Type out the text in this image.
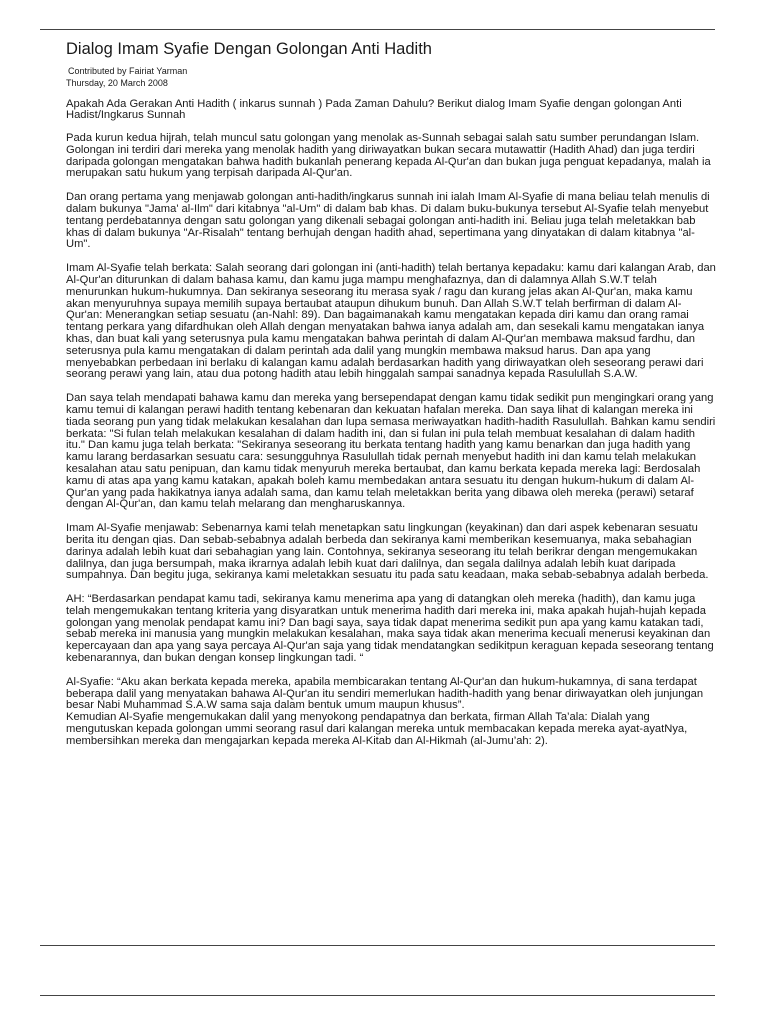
Dialog Imam Syafie Dengan Golongan Anti Hadith
Contributed by Fairiat Yarman
Thursday, 20 March 2008
Apakah Ada Gerakan Anti Hadith ( inkarus sunnah ) Pada Zaman Dahulu? Berikut dialog Imam Syafie dengan golongan Anti Hadist/Ingkarus Sunnah

Pada kurun kedua hijrah, telah muncul satu golongan yang menolak as-Sunnah sebagai salah satu sumber perundangan Islam. Golongan ini terdiri dari mereka yang menolak hadith yang diriwayatkan bukan secara mutawattir (Hadith Ahad) dan juga terdiri daripada golongan mengatakan bahwa hadith bukanlah penerang kepada Al-Qur'an dan bukan juga penguat kepadanya, malah ia merupakan satu hukum yang terpisah daripada Al-Qur'an.

Dan orang pertama yang menjawab golongan anti-hadith/ingkarus sunnah ini ialah Imam Al-Syafie di mana beliau telah menulis di dalam bukunya "Jama' al-Ilm" dari kitabnya "al-Um" di dalam bab khas. Di dalam buku-bukunya tersebut Al-Syafie telah menyebut tentang perdebatannya dengan satu golongan yang dikenali sebagai golongan anti-hadith ini. Beliau juga telah meletakkan bab khas di dalam bukunya "Ar-Risalah" tentang berhujah dengan hadith ahad, sepertimana yang dinyatakan di dalam kitabnya "al-Um".

Imam Al-Syafie telah berkata: Salah seorang dari golongan ini (anti-hadith) telah bertanya kepadaku: kamu dari kalangan Arab, dan Al-Qur'an diturunkan di dalam bahasa kamu, dan kamu juga mampu menghafaznya, dan di dalamnya Allah S.W.T telah menurunkan hukum-hukumnya. Dan sekiranya seseorang itu merasa syak / ragu dan kurang jelas akan Al-Qur'an, maka kamu akan menyuruhnya supaya memilih supaya bertaubat ataupun dihukum bunuh. Dan Allah S.W.T telah berfirman di dalam Al-Qur'an: Menerangkan setiap sesuatu (an-Nahl: 89). Dan bagaimanakah kamu mengatakan kepada diri kamu dan orang ramai tentang perkara yang difardhukan oleh Allah dengan menyatakan bahwa ianya adalah am, dan sesekali kamu mengatakan ianya khas, dan buat kali yang seterusnya pula kamu mengatakan bahwa perintah di dalam Al-Qur'an membawa maksud fardhu, dan seterusnya pula kamu mengatakan di dalam perintah ada dalil yang mungkin membawa maksud harus. Dan apa yang menyebabkan perbedaan ini berlaku di kalangan kamu adalah berdasarkan hadith yang diriwayatkan oleh seseorang perawi dari seorang perawi yang lain, atau dua potong hadith atau lebih hinggalah sampai sanadnya kepada Rasulullah S.A.W.

Dan saya telah mendapati bahawa kamu dan mereka yang bersependapat dengan kamu tidak sedikit pun mengingkari orang yang kamu temui di kalangan perawi hadith tentang kebenaran dan kekuatan hafalan mereka. Dan saya lihat di kalangan mereka ini tiada seorang pun yang tidak melakukan kesalahan dan lupa semasa meriwayatkan hadith-hadith Rasulullah. Bahkan kamu sendiri berkata: "Si fulan telah melakukan kesalahan di dalam hadith ini, dan si fulan ini pula telah membuat kesalahan di dalam hadith itu." Dan kamu juga telah berkata: "Sekiranya seseorang itu berkata tentang hadith yang kamu benarkan dan juga hadith yang kamu larang berdasarkan sesuatu cara: sesungguhnya Rasulullah tidak pernah menyebut hadith ini dan kamu telah melakukan kesalahan atau satu penipuan, dan kamu tidak menyuruh mereka bertaubat, dan kamu berkata kepada mereka lagi: Berdosalah kamu di atas apa yang kamu katakan, apakah boleh kamu membedakan antara sesuatu itu dengan hukum-hukum di dalam Al-Qur'an yang pada hakikatnya ianya adalah sama, dan kamu telah meletakkan berita yang dibawa oleh mereka (perawi) setaraf dengan Al-Qur'an, dan kamu telah melarang dan mengharuskannya.

Imam Al-Syafie menjawab: Sebenarnya kami telah menetapkan satu lingkungan (keyakinan) dan dari aspek kebenaran sesuatu berita itu dengan qias. Dan sebab-sebabnya adalah berbeda dan sekiranya kami memberikan kesemuanya, maka sebahagian darinya adalah lebih kuat dari sebahagian yang lain. Contohnya, sekiranya seseorang itu telah berikrar dengan mengemukakan dalilnya, dan juga bersumpah, maka ikrarnya adalah lebih kuat dari dalilnya, dan segala dalilnya adalah lebih kuat daripada sumpahnya. Dan begitu juga, sekiranya kami meletakkan sesuatu itu pada satu keadaan, maka sebab-sebabnya adalah berbeda.

AH: “Berdasarkan pendapat kamu tadi, sekiranya kamu menerima apa yang di datangkan oleh mereka (hadith), dan kamu juga telah mengemukakan tentang kriteria yang disyaratkan untuk menerima hadith dari mereka ini, maka apakah hujah-hujah kepada golongan yang menolak pendapat kamu ini? Dan bagi saya, saya tidak dapat menerima sedikit pun apa yang kamu katakan tadi, sebab mereka ini manusia yang mungkin melakukan kesalahan, maka saya tidak akan menerima kecuali menerusi keyakinan dan kepercayaan dan apa yang saya percaya Al-Qur'an saja yang tidak mendatangkan sedikitpun keraguan kepada seseorang tentang kebenarannya, dan bukan dengan konsep lingkungan tadi. “

Al-Syafie: “Aku akan berkata kepada mereka, apabila membicarakan tentang Al-Qur'an dan hukum-hukamnya, di sana terdapat beberapa dalil yang menyatakan bahawa Al-Qur'an itu sendiri memerlukan hadith-hadith yang benar diriwayatkan oleh junjungan besar Nabi Muhammad S.A.W sama saja dalam bentuk umum maupun khusus”.

Kemudian Al-Syafie mengemukakan dalil yang menyokong pendapatnya dan berkata, firman Allah Ta’ala: Dialah yang mengutuskan kepada golongan ummi seorang rasul dari kalangan mereka untuk membacakan kepada mereka ayat-ayatNya, membersihkan mereka dan mengajarkan kepada mereka Al-Kitab dan Al-Hikmah (al-Jumu’ah: 2).
